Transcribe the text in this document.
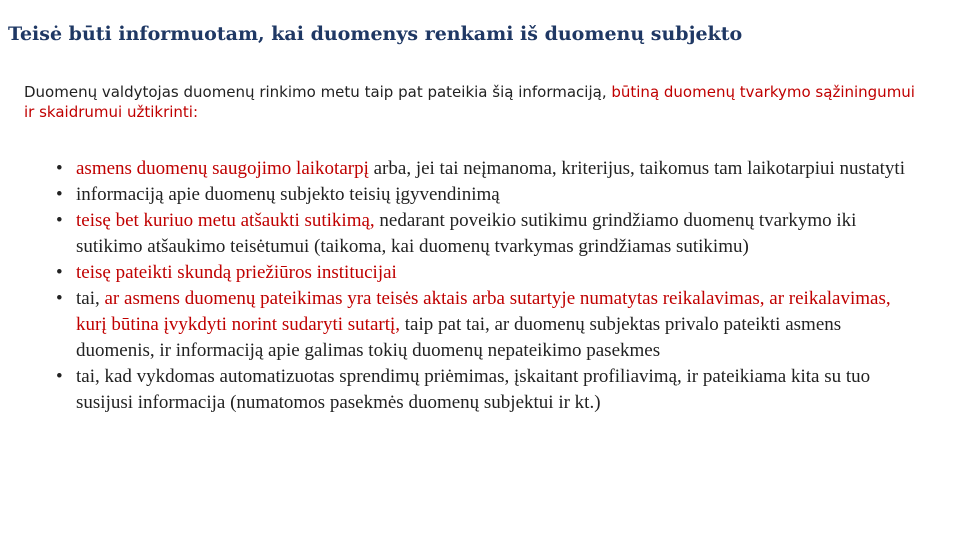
Teisė būti informuotam, kai duomenys renkami iš duomenų subjekto
Duomenų valdytojas duomenų rinkimo metu taip pat pateikia šią informaciją, būtiną duomenų tvarkymo sąžiningumui ir skaidrumui užtikrinti:
• asmens duomenų saugojimo laikotarpį arba, jei tai neįmanoma, kriterijus, taikomus tam laikotarpiui nustatyti
• informaciją apie duomenų subjekto teisių įgyvendinimą
• teisę bet kuriuo metu atšaukti sutikimą, nedarant poveikio sutikimu grindžiamo duomenų tvarkymo iki sutikimo atšaukimo teisėtumui (taikoma, kai duomenų tvarkymas grindžiamas sutikimu)
• teisę pateikti skundą priežiūros institucijai
• tai, ar asmens duomenų pateikimas yra teisės aktais arba sutartyje numatytas reikalavimas, ar reikalavimas, kurį būtina įvykdyti norint sudaryti sutartį, taip pat tai, ar duomenų subjektas privalo pateikti asmens duomenis, ir informaciją apie galimas tokių duomenų nepateikimo pasekmes
• tai, kad vykdomas automatizuotas sprendimų priėmimas, įskaitant profiliavimą, ir pateikiama kita su tuo susijusi informacija (numatomos pasekmės duomenų subjektui ir kt.)
